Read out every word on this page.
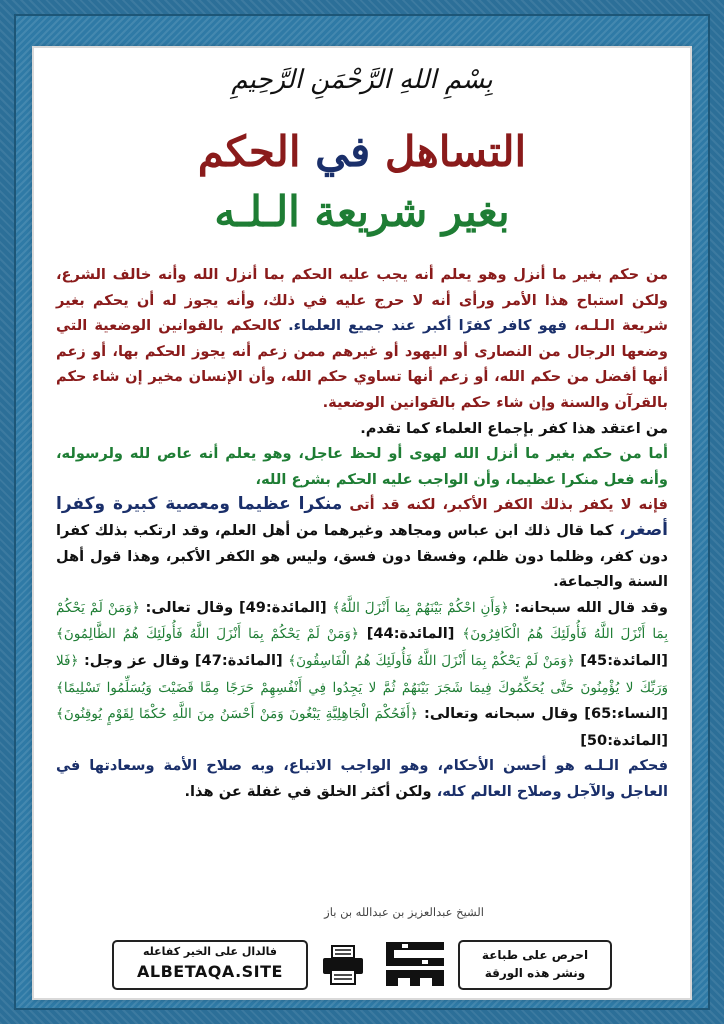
بِسْمِ اللهِ الرَّحْمَنِ الرَّحِيمِ
التساهل في الحكم
بغير شريعة الـلـه

من حكم بغير ما أنزل وهو يعلم أنه يجب عليه الحكم بما أنزل الله وأنه خالف الشرع، ولكن استباح هذا الأمر ورأى أنه لا حرج عليه في ذلك، وأنه يجوز له أن يحكم بغير شريعة الـلـه، فهو كافر كفرًا أكبر عند جميع العلماء. كالحكم بالقوانين الوضعية التي وضعها الرجال من النصارى أو اليهود أو غيرهم ممن زعم أنه يجوز الحكم بها، أو زعم أنها أفضل من حكم الله، أو زعم أنها تساوي حكم الله، وأن الإنسان مخير إن شاء حكم بالقرآن والسنة وإن شاء حكم بالقوانين الوضعية.

من اعتقد هذا كفر بإجماع العلماء كما تقدم.

أما من حكم بغير ما أنزل الله لهوى أو لحظ عاجل، وهو يعلم أنه عاص لله ولرسوله، وأنه فعل منكرا عظيما، وأن الواجب عليه الحكم بشرع الله،

فإنه لا يكفر بذلك الكفر الأكبر، لكنه قد أتى منكرا عظيما ومعصية كبيرة وكفرا أصغر، كما قال ذلك ابن عباس ومجاهد وغيرهما من أهل العلم، وقد ارتكب بذلك كفرا دون كفر، وظلما دون ظلم، وفسقا دون فسق، وليس هو الكفر الأكبر، وهذا قول أهل السنة والجماعة.

وقد قال الله سبحانه: ﴿وَأَنِ احْكُمْ بَيْنَهُمْ بِمَا أَنْزَلَ اللَّهُ﴾ [المائدة:49] وقال تعالى: ﴿وَمَنْ لَمْ يَحْكُمْ بِمَا أَنْزَلَ اللَّهُ فَأُولَئِكَ هُمُ الْكَافِرُونَ﴾ [المائدة:44] ﴿وَمَنْ لَمْ يَحْكُمْ بِمَا أَنْزَلَ اللَّهُ فَأُولَئِكَ هُمُ الظَّالِمُونَ﴾ [المائدة:45] ﴿وَمَنْ لَمْ يَحْكُمْ بِمَا أَنْزَلَ اللَّهُ فَأُولَئِكَ هُمُ الْفَاسِقُونَ﴾ [المائدة:47] وقال عز وجل: ﴿فَلا وَرَبِّكَ لا يُؤْمِنُونَ حَتَّى يُحَكِّمُوكَ فِيمَا شَجَرَ بَيْنَهُمْ ثُمَّ لا يَجِدُوا فِي أَنْفُسِهِمْ حَرَجًا مِمَّا قَضَيْتَ وَيُسَلِّمُوا تَسْلِيمًا﴾ [النساء:65] وقال سبحانه وتعالى: ﴿أَفَحُكْمَ الْجَاهِلِيَّةِ يَبْغُونَ وَمَنْ أَحْسَنُ مِنَ اللَّهِ حُكْمًا لِقَوْمٍ يُوقِنُونَ﴾ [المائدة:50]

فحكم الـلـه هو أحسن الأحكام، وهو الواجب الاتباع، وبه صلاح الأمة وسعادتها في العاجل والآجل وصلاح العالم كله، ولكن أكثر الخلق في غفلة عن هذا.

الشيخ عبدالعزيز بن عبدالله بن باز
فالدال على الخير كفاعله
ALBETAQA.SITE
احرص على طباعة
ونشر هذه الورقة
